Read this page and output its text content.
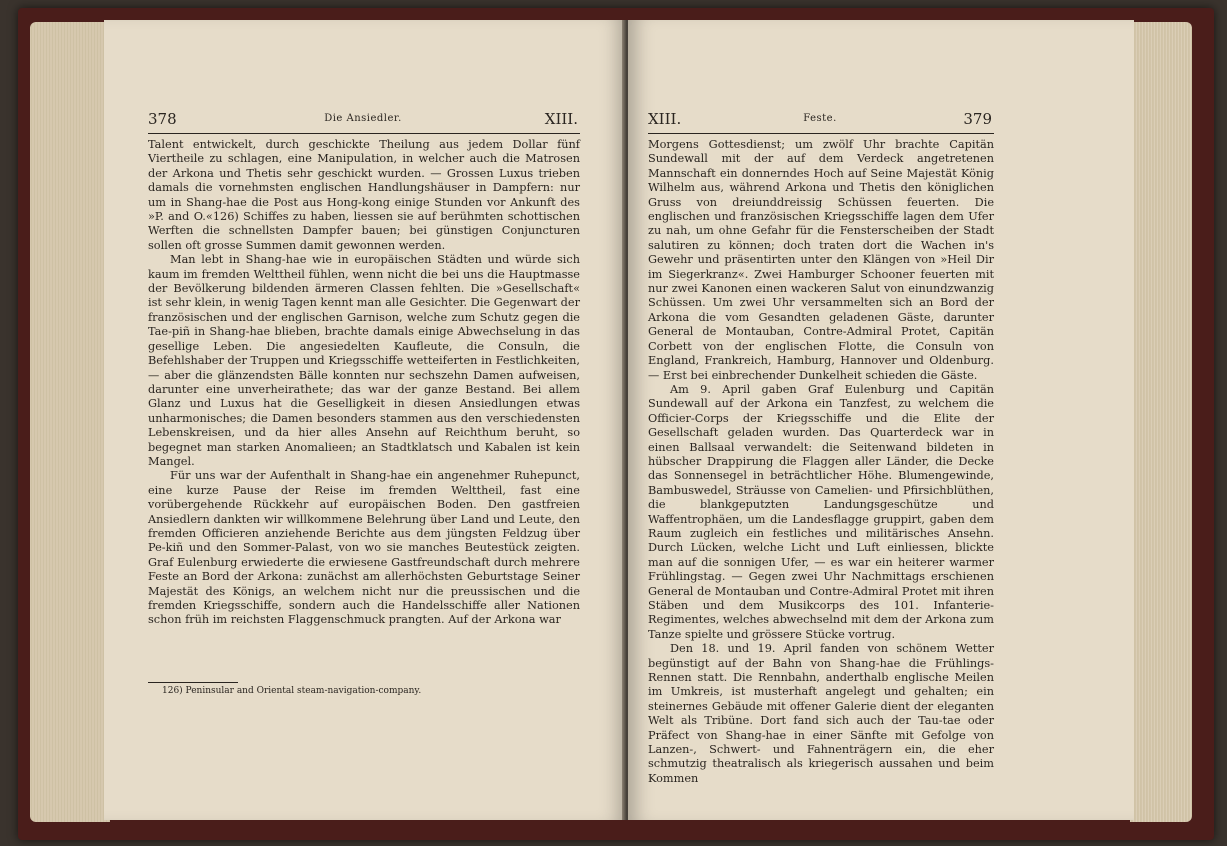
378	Die Ansiedler.	XIII.

Talent entwickelt, durch geschickte Theilung aus jedem Dollar fünf Viertheile zu schlagen, eine Manipulation, in welcher auch die Matrosen der Arkona und Thetis sehr geschickt wurden. — Grossen Luxus trieben damals die vornehmsten englischen Handlungshäuser in Dampfern: nur um in Shang-hae die Post aus Hong-kong einige Stunden vor Ankunft des »P. and O.«126) Schiffes zu haben, liessen sie auf berühmten schottischen Werften die schnellsten Dampfer bauen; bei günstigen Conjuncturen sollen oft grosse Summen damit gewonnen werden.

Man lebt in Shang-hae wie in europäischen Städten und würde sich kaum im fremden Welttheil fühlen, wenn nicht die bei uns die Hauptmasse der Bevölkerung bildenden ärmeren Classen fehlten. Die »Gesellschaft« ist sehr klein, in wenig Tagen kennt man alle Gesichter. Die Gegenwart der französischen und der englischen Garnison, welche zum Schutz gegen die Tae-piñ in Shang-hae blieben, brachte damals einige Abwechselung in das gesellige Leben. Die angesiedelten Kaufleute, die Consuln, die Befehlshaber der Truppen und Kriegsschiffe wetteiferten in Festlichkeiten, — aber die glänzendsten Bälle konnten nur sechszehn Damen aufweisen, darunter eine unverheirathete; das war der ganze Bestand. Bei allem Glanz und Luxus hat die Geselligkeit in diesen Ansiedlungen etwas unharmonisches; die Damen besonders stammen aus den verschiedensten Lebenskreisen, und da hier alles Ansehn auf Reichthum beruht, so begegnet man starken Anomalieen; an Stadtklatsch und Kabalen ist kein Mangel.

Für uns war der Aufenthalt in Shang-hae ein angenehmer Ruhepunct, eine kurze Pause der Reise im fremden Welttheil, fast eine vorübergehende Rückkehr auf europäischen Boden. Den gastfreien Ansiedlern dankten wir willkommene Belehrung über Land und Leute, den fremden Officieren anziehende Berichte aus dem jüngsten Feldzug über Pe-kiñ und den Sommer-Palast, von wo sie manches Beutestück zeigten. Graf Eulenburg erwiederte die erwiesene Gastfreundschaft durch mehrere Feste an Bord der Arkona: zunächst am allerhöchsten Geburtstage Seiner Majestät des Königs, an welchem nicht nur die preussischen und die fremden Kriegsschiffe, sondern auch die Handelsschiffe aller Nationen schon früh im reichsten Flaggenschmuck prangten. Auf der Arkona war

126) Peninsular and Oriental steam-navigation-company.
XIII.	Feste.	379

Morgens Gottesdienst; um zwölf Uhr brachte Capitän Sundewall mit der auf dem Verdeck angetretenen Mannschaft ein donnerndes Hoch auf Seine Majestät König Wilhelm aus, während Arkona und Thetis den königlichen Gruss von dreiunddreissig Schüssen feuerten. Die englischen und französischen Kriegsschiffe lagen dem Ufer zu nah, um ohne Gefahr für die Fensterscheiben der Stadt salutiren zu können; doch traten dort die Wachen in's Gewehr und präsentirten unter den Klängen von »Heil Dir im Siegerkranz«. Zwei Hamburger Schooner feuerten mit nur zwei Kanonen einen wackeren Salut von einundzwanzig Schüssen. Um zwei Uhr versammelten sich an Bord der Arkona die vom Gesandten geladenen Gäste, darunter General de Montauban, Contre-Admiral Protet, Capitän Corbett von der englischen Flotte, die Consuln von England, Frankreich, Hamburg, Hannover und Oldenburg. — Erst bei einbrechender Dunkelheit schieden die Gäste.

Am 9. April gaben Graf Eulenburg und Capitän Sundewall auf der Arkona ein Tanzfest, zu welchem die Officier-Corps der Kriegsschiffe und die Elite der Gesellschaft geladen wurden. Das Quarterdeck war in einen Ballsaal verwandelt: die Seitenwand bildeten in hübscher Drappirung die Flaggen aller Länder, die Decke das Sonnensegel in beträchtlicher Höhe. Blumengewinde, Bambuswedel, Sträusse von Camelien- und Pfirsichblüthen, die blankgeputzten Landungsgeschütze und Waffentrophäen, um die Landesflagge gruppirt, gaben dem Raum zugleich ein festliches und militärisches Ansehn. Durch Lücken, welche Licht und Luft einliessen, blickte man auf die sonnigen Ufer, — es war ein heiterer warmer Frühlingstag. — Gegen zwei Uhr Nachmittags erschienen General de Montauban und Contre-Admiral Protet mit ihren Stäben und dem Musikcorps des 101. Infanterie-Regimentes, welches abwechselnd mit dem der Arkona zum Tanze spielte und grössere Stücke vortrug.

Den 18. und 19. April fanden von schönem Wetter begünstigt auf der Bahn von Shang-hae die Frühlings-Rennen statt. Die Rennbahn, anderthalb englische Meilen im Umkreis, ist musterhaft angelegt und gehalten; ein steinernes Gebäude mit offener Galerie dient der eleganten Welt als Tribüne. Dort fand sich auch der Tau-tae oder Präfect von Shang-hae in einer Sänfte mit Gefolge von Lanzen-, Schwert- und Fahnenträgern ein, die eher schmutzig theatralisch als kriegerisch aussahen und beim Kommen
